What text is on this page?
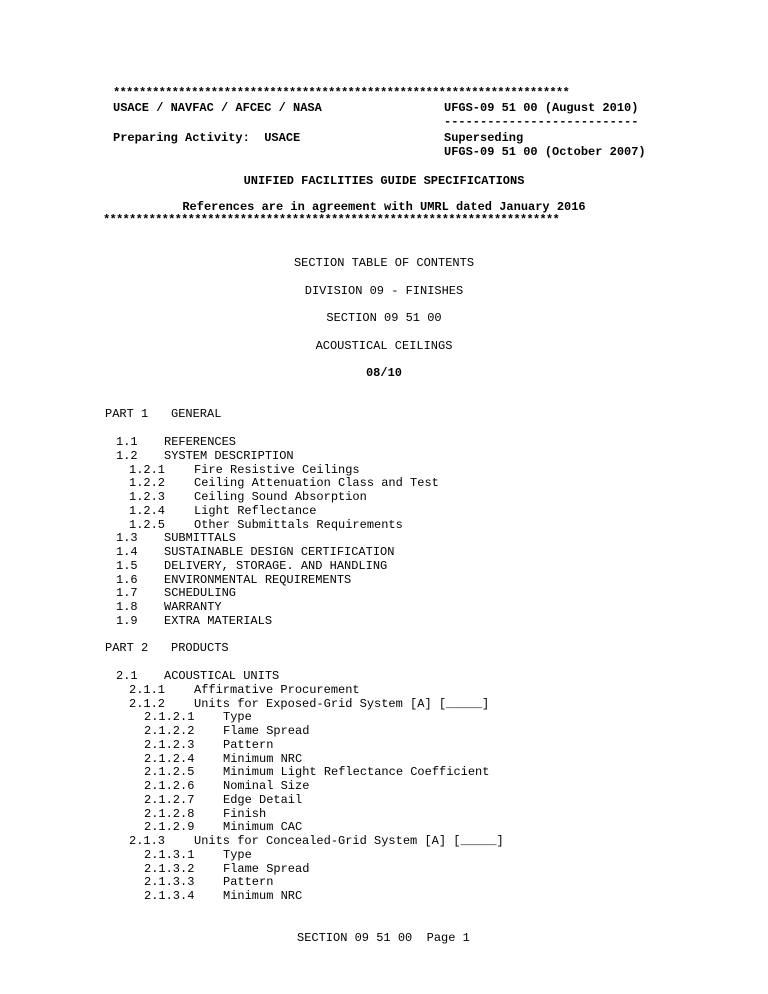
**********************************************************************
USACE / NAVFAC / AFCEC / NASA	UFGS-09 51 00 (August 2010)
---------------------------
Preparing Activity:  USACE	Superseding
UFGS-09 51 00 (October 2007)
UNIFIED FACILITIES GUIDE SPECIFICATIONS
References are in agreement with UMRL dated January 2016
**********************************************************************
SECTION TABLE OF CONTENTS
DIVISION 09 - FINISHES
SECTION 09 51 00
ACOUSTICAL CEILINGS
08/10
PART 1 GENERAL
1.1 REFERENCES
1.2 SYSTEM DESCRIPTION
1.2.1 Fire Resistive Ceilings
1.2.2 Ceiling Attenuation Class and Test
1.2.3 Ceiling Sound Absorption
1.2.4 Light Reflectance
1.2.5 Other Submittals Requirements
1.3 SUBMITTALS
1.4 SUSTAINABLE DESIGN CERTIFICATION
1.5 DELIVERY, STORAGE. AND HANDLING
1.6 ENVIRONMENTAL REQUIREMENTS
1.7 SCHEDULING
1.8 WARRANTY
1.9 EXTRA MATERIALS
PART 2 PRODUCTS
2.1 ACOUSTICAL UNITS
2.1.1 Affirmative Procurement
2.1.2 Units for Exposed-Grid System [A] [_____]
2.1.2.1 Type
2.1.2.2 Flame Spread
2.1.2.3 Pattern
2.1.2.4 Minimum NRC
2.1.2.5 Minimum Light Reflectance Coefficient
2.1.2.6 Nominal Size
2.1.2.7 Edge Detail
2.1.2.8 Finish
2.1.2.9 Minimum CAC
2.1.3 Units for Concealed-Grid System [A] [_____]
2.1.3.1 Type
2.1.3.2 Flame Spread
2.1.3.3 Pattern
2.1.3.4 Minimum NRC
SECTION 09 51 00  Page 1
